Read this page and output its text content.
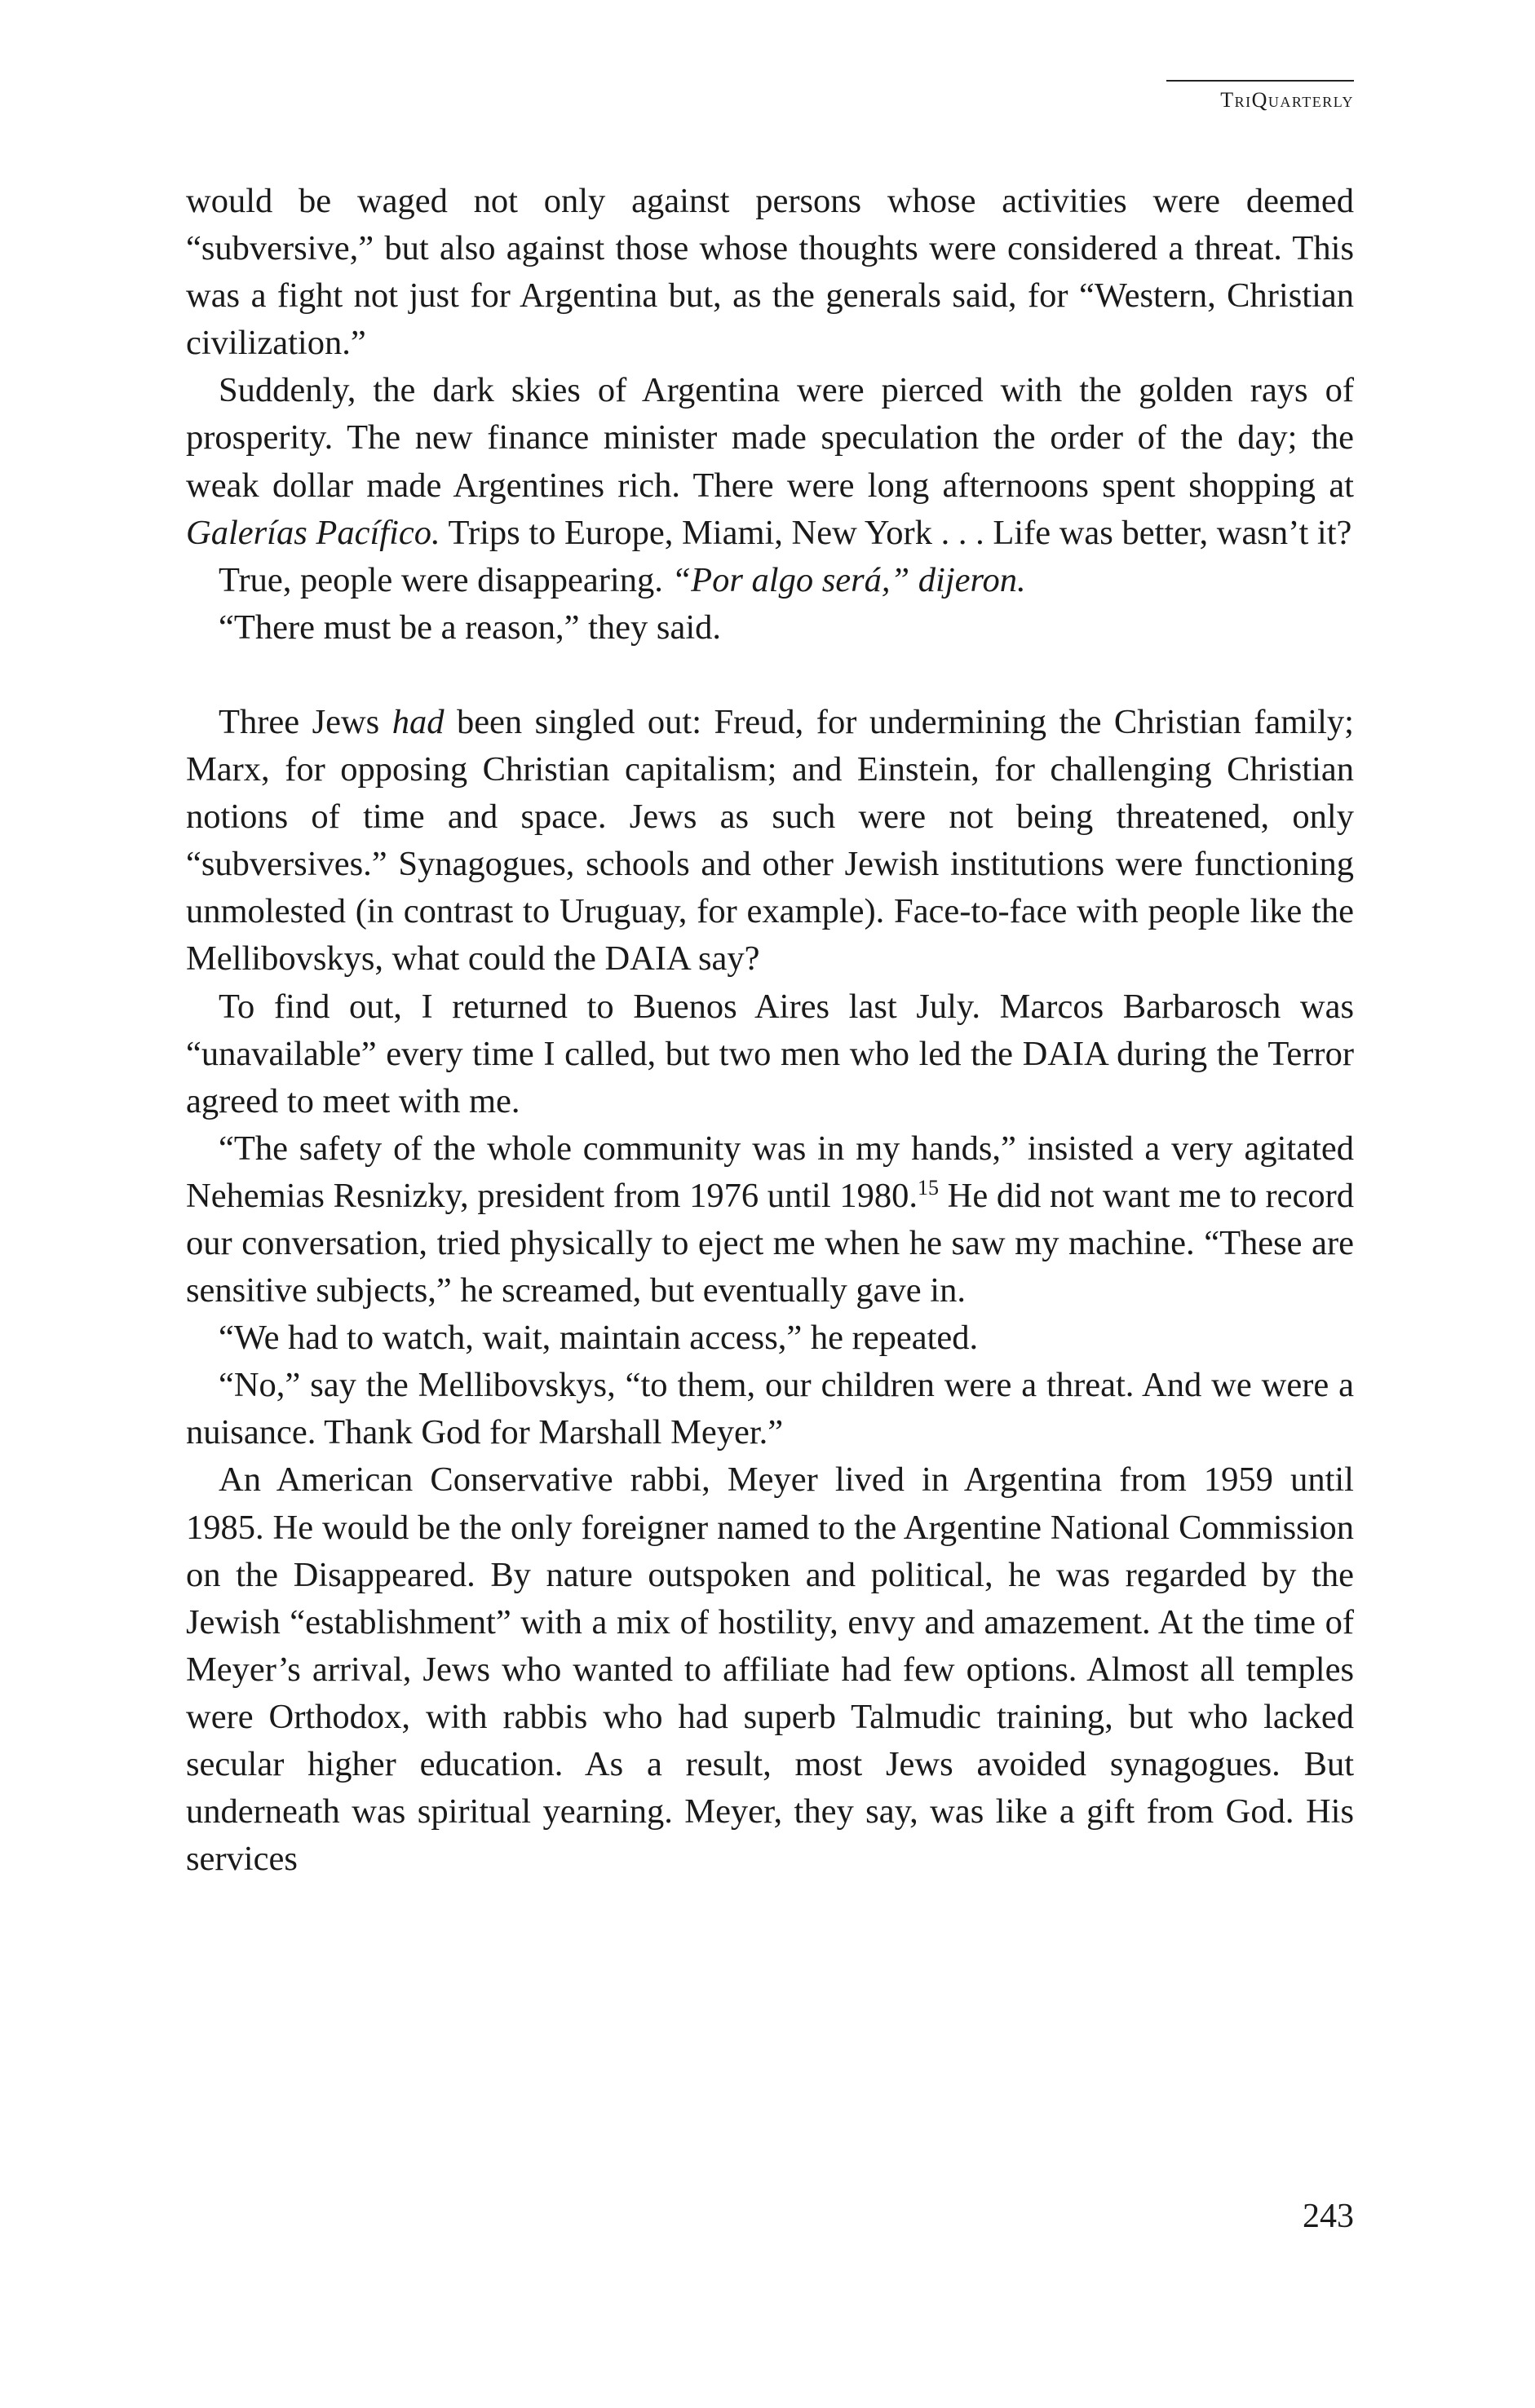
TriQuarterly

would be waged not only against persons whose activities were deemed “subversive,” but also against those whose thoughts were considered a threat. This was a fight not just for Argentina but, as the generals said, for “Western, Christian civilization.”

Suddenly, the dark skies of Argentina were pierced with the golden rays of prosperity. The new finance minister made speculation the order of the day; the weak dollar made Argentines rich. There were long afternoons spent shopping at Galerías Pacífico. Trips to Europe, Miami, New York . . . Life was better, wasn’t it?

True, people were disappearing. “Por algo será,” dijeron.

“There must be a reason,” they said.

Three Jews had been singled out: Freud, for undermining the Christian family; Marx, for opposing Christian capitalism; and Einstein, for challenging Christian notions of time and space. Jews as such were not being threatened, only “subversives.” Synagogues, schools and other Jewish institutions were functioning unmolested (in contrast to Uruguay, for example). Face-to-face with people like the Mellibovskys, what could the DAIA say?

To find out, I returned to Buenos Aires last July. Marcos Barbarosch was “unavailable” every time I called, but two men who led the DAIA during the Terror agreed to meet with me.

“The safety of the whole community was in my hands,” insisted a very agitated Nehemias Resnizky, president from 1976 until 1980.15 He did not want me to record our conversation, tried physically to eject me when he saw my machine. “These are sensitive subjects,” he screamed, but eventually gave in.

“We had to watch, wait, maintain access,” he repeated.

“No,” say the Mellibovskys, “to them, our children were a threat. And we were a nuisance. Thank God for Marshall Meyer.”

An American Conservative rabbi, Meyer lived in Argentina from 1959 until 1985. He would be the only foreigner named to the Argentine National Commission on the Disappeared. By nature outspoken and political, he was regarded by the Jewish “establishment” with a mix of hostility, envy and amazement. At the time of Meyer’s arrival, Jews who wanted to affiliate had few options. Almost all temples were Orthodox, with rabbis who had superb Talmudic training, but who lacked secular higher education. As a result, most Jews avoided synagogues. But underneath was spiritual yearning. Meyer, they say, was like a gift from God. His services

243
